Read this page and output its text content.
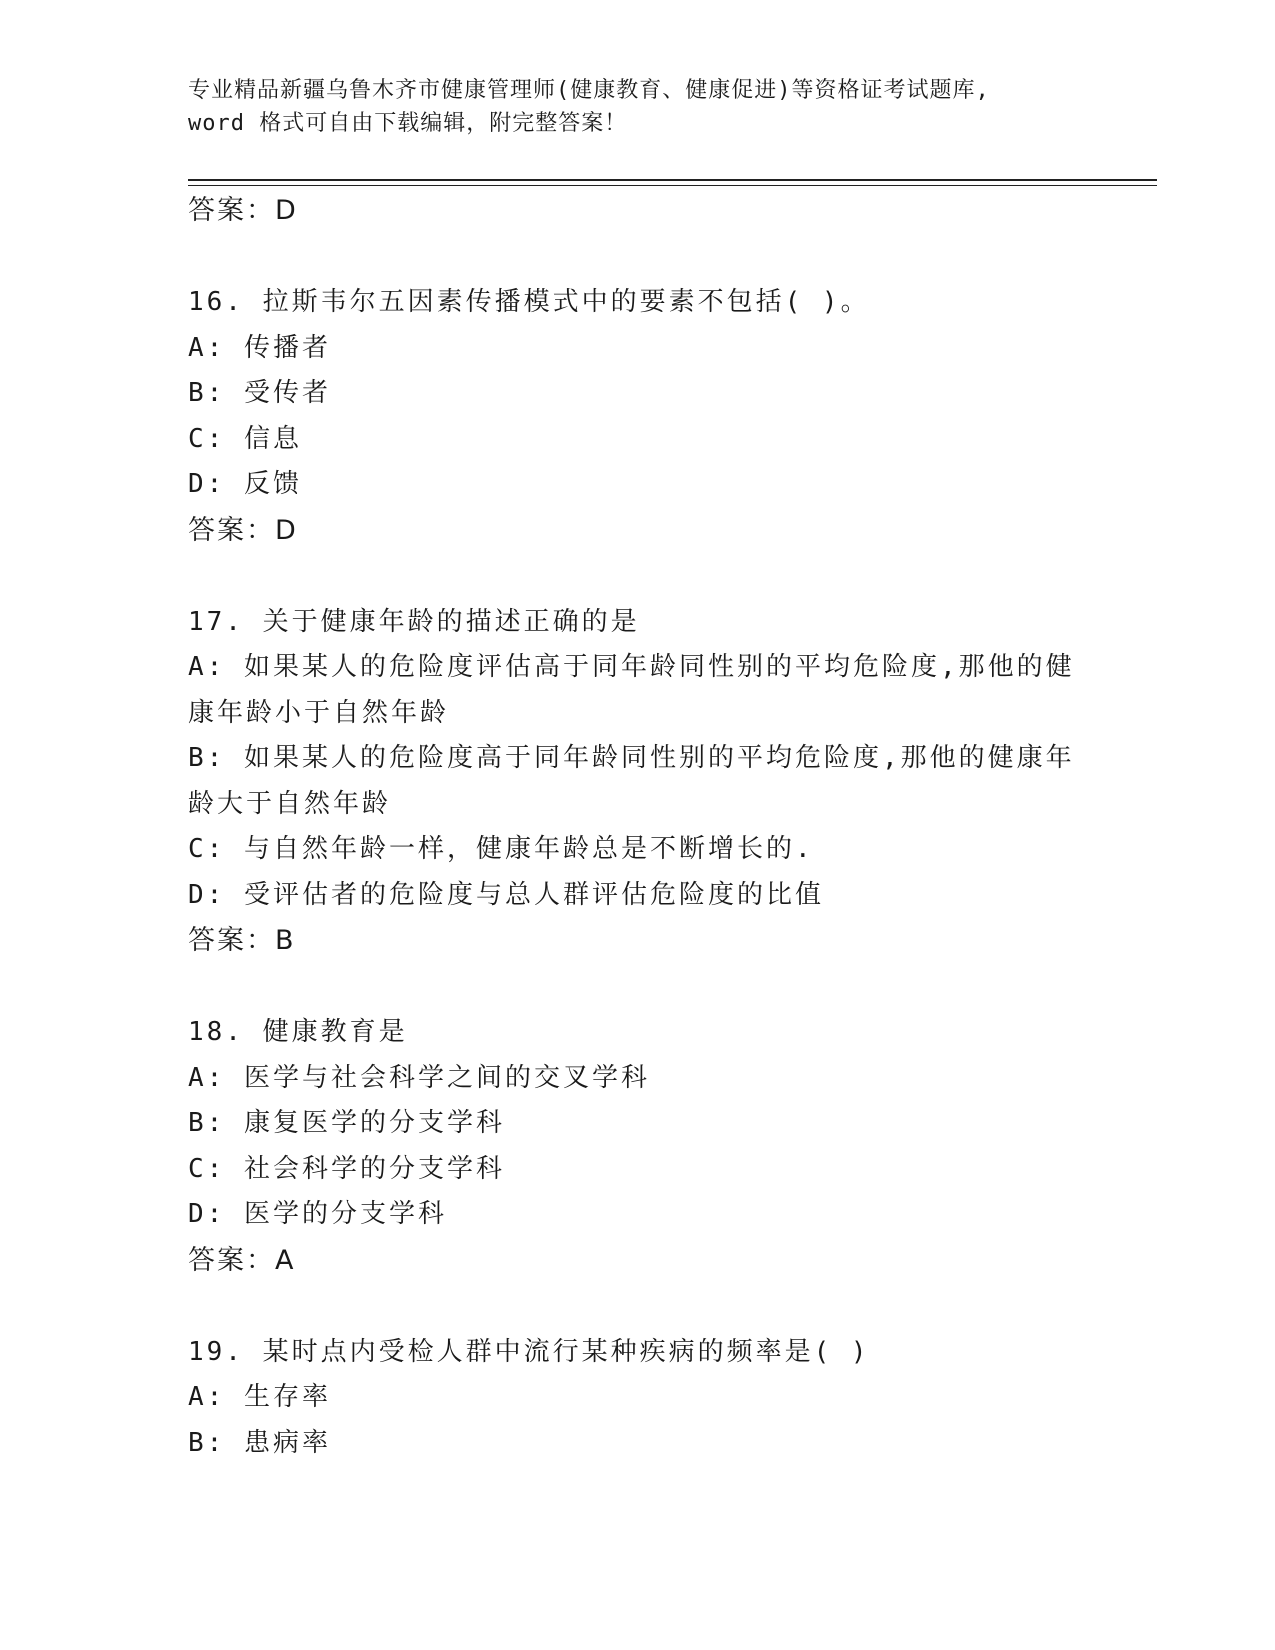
专业精品新疆乌鲁木齐市健康管理师(健康教育、健康促进)等资格证考试题库,
word 格式可自由下载编辑，附完整答案！

答案：D

16. 拉斯韦尔五因素传播模式中的要素不包括( )。

A: 传播者

B: 受传者

C: 信息

D: 反馈

答案：D

17. 关于健康年龄的描述正确的是

A: 如果某人的危险度评估高于同年龄同性别的平均危险度,那他的健康年龄小于自然年龄

B: 如果某人的危险度高于同年龄同性别的平均危险度,那他的健康年龄大于自然年龄

C: 与自然年龄一样，健康年龄总是不断增长的.

D: 受评估者的危险度与总人群评估危险度的比值

答案：B

18. 健康教育是

A: 医学与社会科学之间的交叉学科

B: 康复医学的分支学科

C: 社会科学的分支学科

D: 医学的分支学科

答案：A

19. 某时点内受检人群中流行某种疾病的频率是( )

A: 生存率

B: 患病率
